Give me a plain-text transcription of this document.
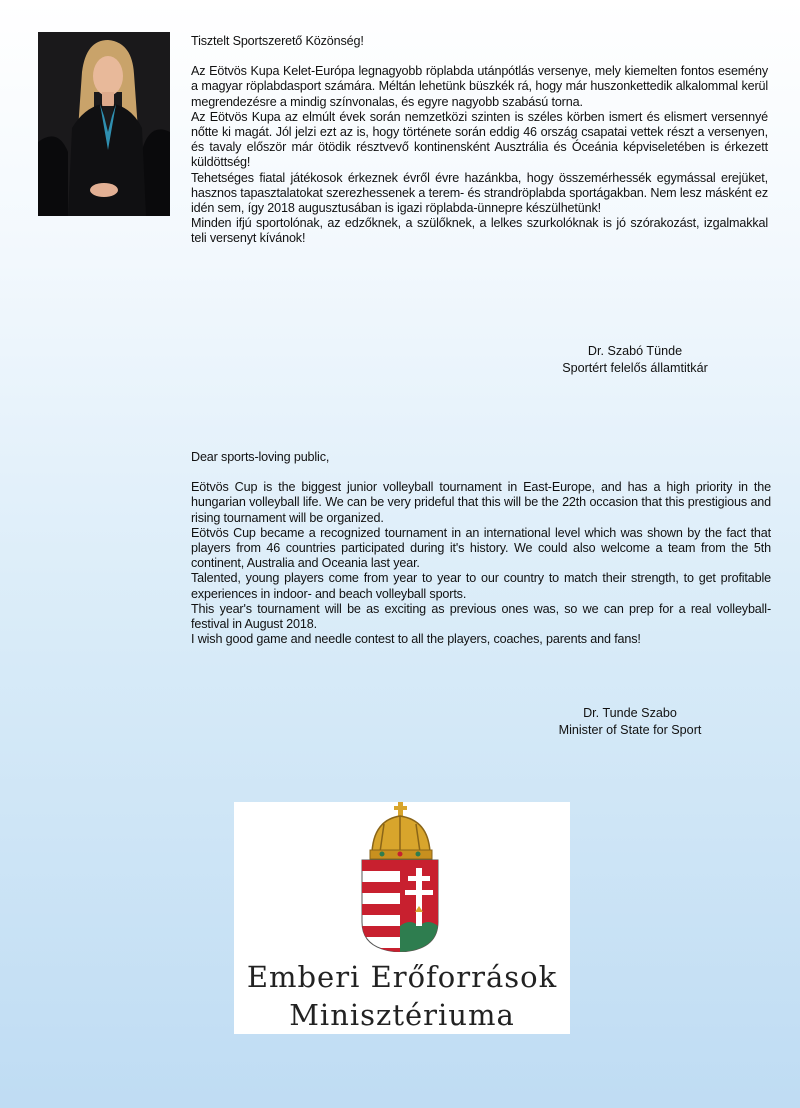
Tisztelt Sportszerető Közönség!

Az Eötvös Kupa Kelet-Európa legnagyobb röplabda utánpótlás versenye, mely kiemelten fontos esemény a magyar röplabdasport számára. Méltán lehetünk büszkék rá, hogy már huszonkettedik alkalommal kerül megrendezésre a mindig színvonalas, és egyre nagyobb szabású torna.

Az Eötvös Kupa az elmúlt évek során nemzetközi szinten is széles körben ismert és elismert versennyé nőtte ki magát. Jól jelzi ezt az is, hogy története során eddig 46 ország csapatai vettek részt a versenyen, és tavaly először már ötödik résztvevő kontinensként Ausztrália és Óceánia képviseletében is érkezett küldöttség!

Tehetséges fiatal játékosok érkeznek évről évre hazánkba, hogy összemérhessék egymással erejüket, hasznos tapasztalatokat szerezhessenek a terem- és strandröplabda sportágakban. Nem lesz másként ez idén sem, így 2018 augusztusában is igazi röplabda-ünnepre készülhetünk!

Minden ifjú sportolónak, az edzőknek, a szülőknek, a lelkes szurkolóknak is jó szórakozást, izgalmakkal teli versenyt kívánok!

Dr. Szabó Tünde
Sportért felelős államtitkár

Dear sports-loving public,

Eötvös Cup is the biggest junior volleyball tournament in East-Europe, and has a high priority in the hungarian volleyball life. We can be very prideful that this will be the 22th occasion that this prestigious and rising tournament will be organized.

Eötvös Cup became a recognized tournament in an international level which was shown by the fact that players from 46 countries participated during it's history. We could also welcome a team from the 5th continent, Australia and Oceania last year.

Talented, young players come from year to year to our country to match their strength, to get profitable experiences in indoor- and beach volleyball sports.

This year's tournament will be as exciting as previous ones was, so we can prep for a real volleyball-festival in August 2018.

I wish good game and needle contest to all the players, coaches, parents and fans!

Dr. Tunde Szabo
Minister of State for Sport
Emberi Erőforrások
Minisztériuma
